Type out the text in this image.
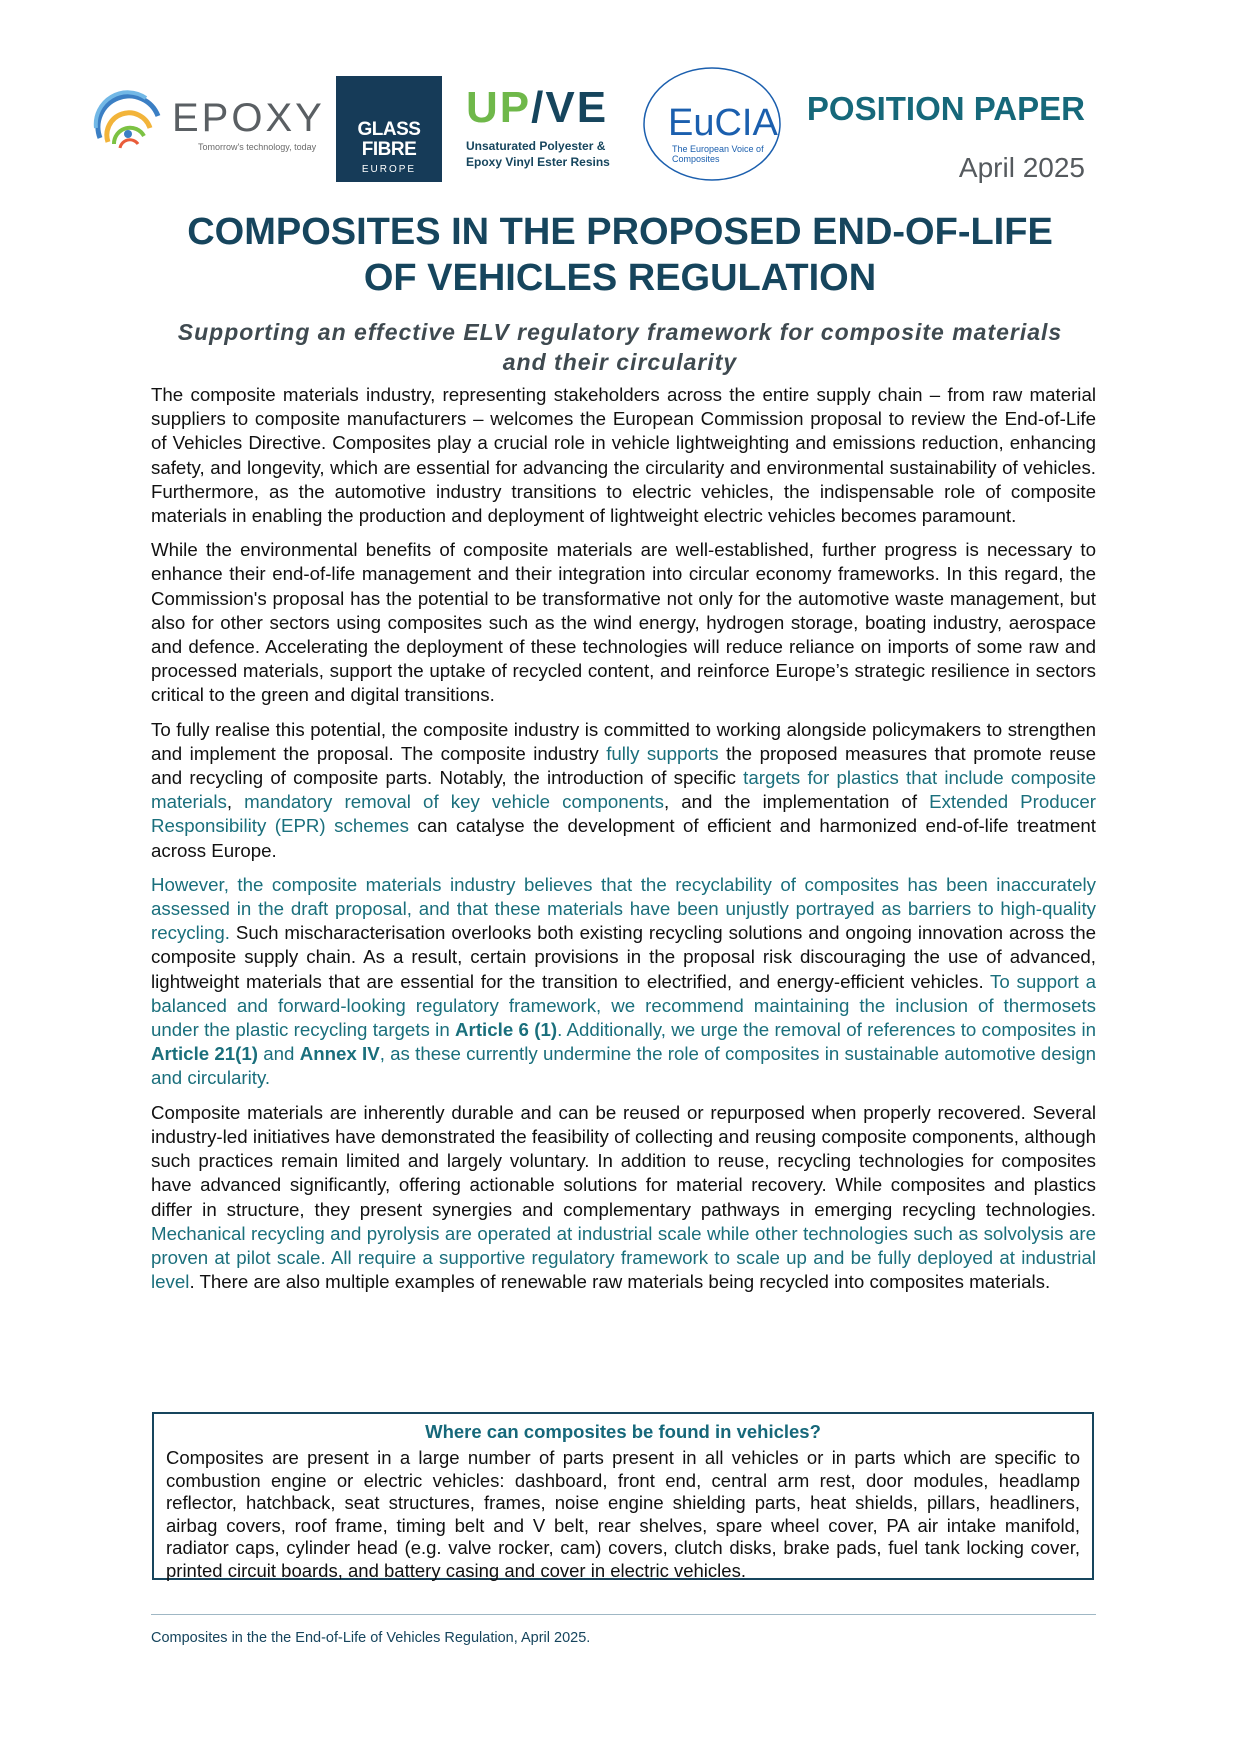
EPOXY
Tomorrow's technology, today
GLASS
FIBRE
EUROPE
UP/VE
Unsaturated Polyester &
Epoxy Vinyl Ester Resins
EuCIA
The European Voice of Composites
POSITION PAPER
April 2025
COMPOSITES IN THE PROPOSED END-OF-LIFE
OF VEHICLES REGULATION
Supporting an effective ELV regulatory framework for composite materials
and their circularity

The composite materials industry, representing stakeholders across the entire supply chain – from raw material suppliers to composite manufacturers – welcomes the European Commission proposal to review the End-of-Life of Vehicles Directive. Composites play a crucial role in vehicle lightweighting and emissions reduction, enhancing safety, and longevity, which are essential for advancing the circularity and environmental sustainability of vehicles. Furthermore, as the automotive industry transitions to electric vehicles, the indispensable role of composite materials in enabling the production and deployment of lightweight electric vehicles becomes paramount.

While the environmental benefits of composite materials are well-established, further progress is necessary to enhance their end-of-life management and their integration into circular economy frameworks. In this regard, the Commission's proposal has the potential to be transformative not only for the automotive waste management, but also for other sectors using composites such as the wind energy, hydrogen storage, boating industry, aerospace and defence. Accelerating the deployment of these technologies will reduce reliance on imports of some raw and processed materials, support the uptake of recycled content, and reinforce Europe’s strategic resilience in sectors critical to the green and digital transitions.

To fully realise this potential, the composite industry is committed to working alongside policymakers to strengthen and implement the proposal. The composite industry fully supports the proposed measures that promote reuse and recycling of composite parts. Notably, the introduction of specific targets for plastics that include composite materials, mandatory removal of key vehicle components, and the implementation of Extended Producer Responsibility (EPR) schemes can catalyse the development of efficient and harmonized end-of-life treatment across Europe.

However, the composite materials industry believes that the recyclability of composites has been inaccurately assessed in the draft proposal, and that these materials have been unjustly portrayed as barriers to high-quality recycling. Such mischaracterisation overlooks both existing recycling solutions and ongoing innovation across the composite supply chain. As a result, certain provisions in the proposal risk discouraging the use of advanced, lightweight materials that are essential for the transition to electrified, and energy-efficient vehicles. To support a balanced and forward-looking regulatory framework, we recommend maintaining the inclusion of thermosets under the plastic recycling targets in Article 6 (1). Additionally, we urge the removal of references to composites in Article 21(1) and Annex IV, as these currently undermine the role of composites in sustainable automotive design and circularity.

Composite materials are inherently durable and can be reused or repurposed when properly recovered. Several industry-led initiatives have demonstrated the feasibility of collecting and reusing composite components, although such practices remain limited and largely voluntary. In addition to reuse, recycling technologies for composites have advanced significantly, offering actionable solutions for material recovery. While composites and plastics differ in structure, they present synergies and complementary pathways in emerging recycling technologies. Mechanical recycling and pyrolysis are operated at industrial scale while other technologies such as solvolysis are proven at pilot scale. All require a supportive regulatory framework to scale up and be fully deployed at industrial level. There are also multiple examples of renewable raw materials being recycled into composites materials.

Where can composites be found in vehicles?

Composites are present in a large number of parts present in all vehicles or in parts which are specific to combustion engine or electric vehicles: dashboard, front end, central arm rest, door modules, headlamp reflector, hatchback, seat structures, frames, noise engine shielding parts, heat shields, pillars, headliners, airbag covers, roof frame, timing belt and V belt, rear shelves, spare wheel cover, PA air intake manifold, radiator caps, cylinder head (e.g. valve rocker, cam) covers, clutch disks, brake pads, fuel tank locking cover, printed circuit boards, and battery casing and cover in electric vehicles.

Composites in the the End-of-Life of Vehicles Regulation, April 2025.
